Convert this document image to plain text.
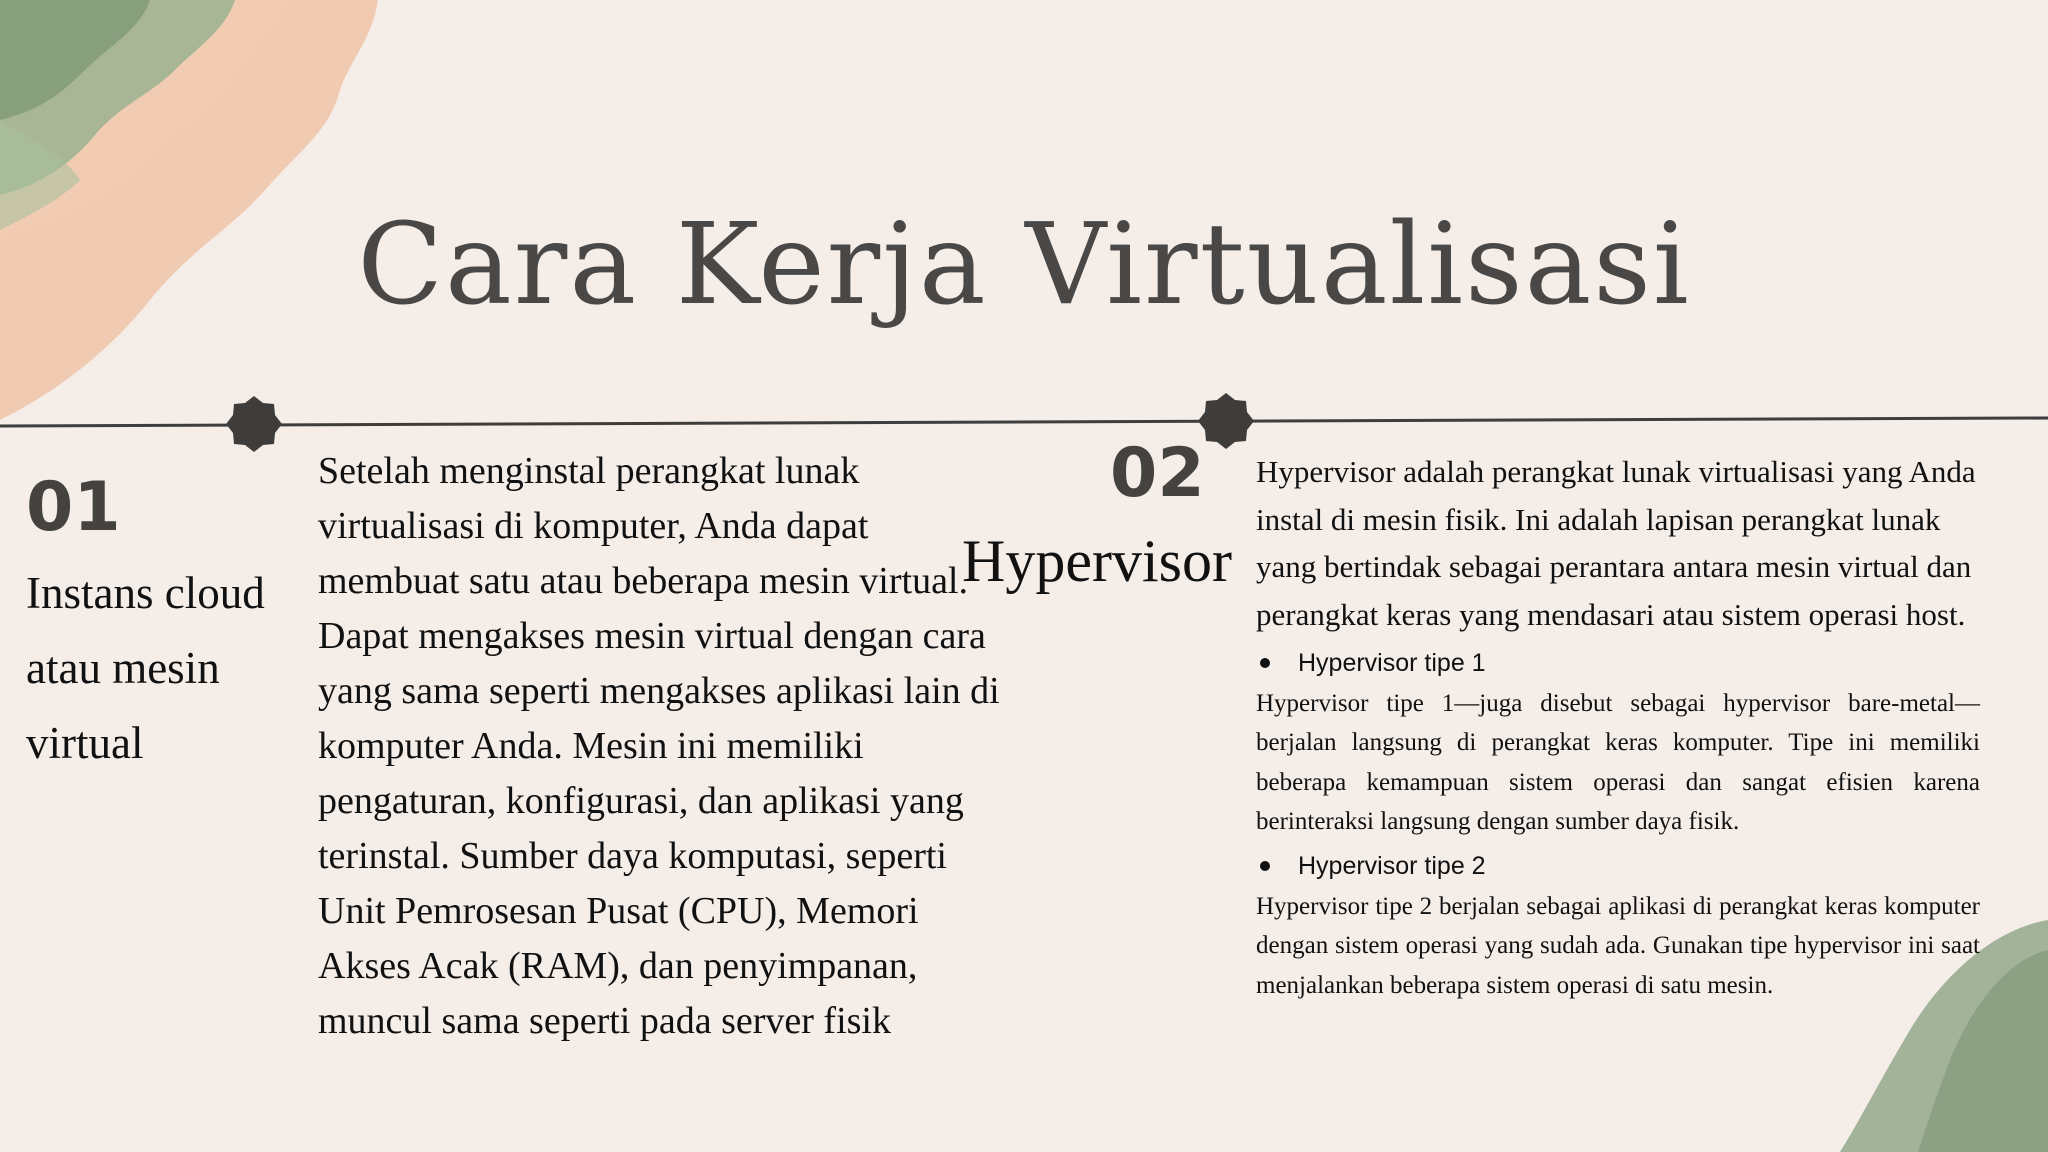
Cara Kerja Virtualisasi
01
Instans cloud atau mesin virtual
Setelah menginstal perangkat lunak virtualisasi di komputer, Anda dapat membuat satu atau beberapa mesin virtual. Dapat mengakses mesin virtual dengan cara yang sama seperti mengakses aplikasi lain di komputer Anda. Mesin ini memiliki pengaturan, konfigurasi, dan aplikasi yang terinstal. Sumber daya komputasi, seperti Unit Pemrosesan Pusat (CPU), Memori Akses Acak (RAM), dan penyimpanan, muncul sama seperti pada server fisik
02
Hypervisor

Hypervisor adalah perangkat lunak virtualisasi yang Anda instal di mesin fisik. Ini adalah lapisan perangkat lunak yang bertindak sebagai perantara antara mesin virtual dan perangkat keras yang mendasari atau sistem operasi host.

Hypervisor tipe 1

Hypervisor tipe 1—juga disebut sebagai hypervisor bare-metal—berjalan langsung di perangkat keras komputer. Tipe ini memiliki beberapa kemampuan sistem operasi dan sangat efisien karena berinteraksi langsung dengan sumber daya fisik.

Hypervisor tipe 2

Hypervisor tipe 2 berjalan sebagai aplikasi di perangkat keras komputer dengan sistem operasi yang sudah ada. Gunakan tipe hypervisor ini saat menjalankan beberapa sistem operasi di satu mesin.
